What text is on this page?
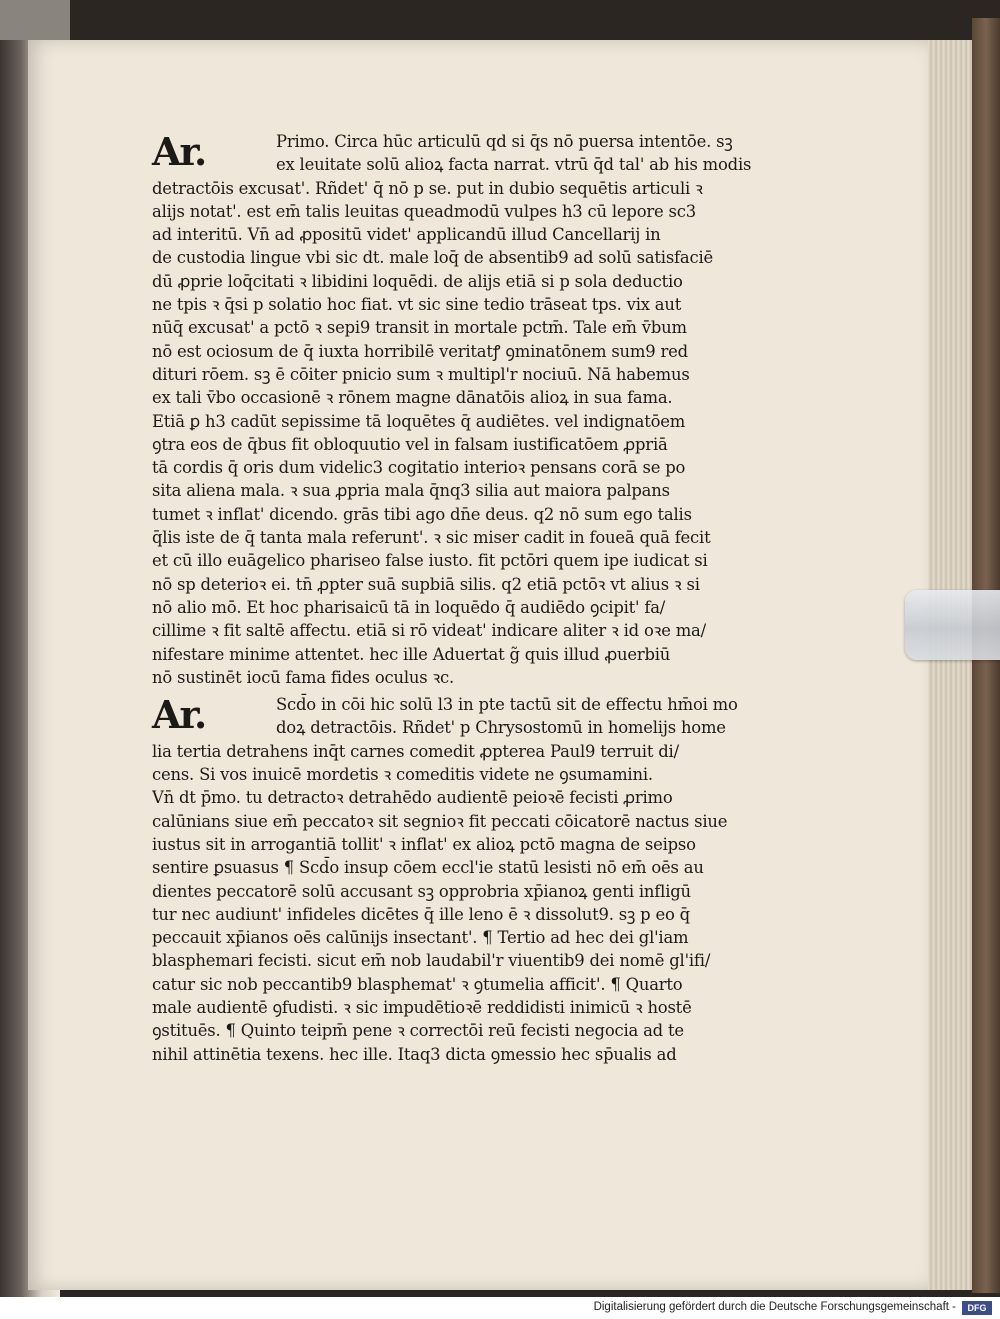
Ar.	Primo. Circa hūc articulū qd si q̄s nō puersa intentōe. sꝫ
ex leuitate solū alioꝝ facta narrat. vtrū q̄d tal' ab his modis
detractōis excusat'. Rñdet' q̄ nō p se. put in dubio sequētis articuli ꝛ
alijs notat'. est em̄ talis leuitas queadmodū vulpes h3 cū lepore sc3
ad interitū. Vn̄ ad ꝓpositū videt' applicandū illud Cancellarij in
de custodia lingue vbi sic dt. male loq̄ de absentib9 ad solū satisfaciē
dū ꝓprie loq̄citati ꝛ libidini loquēdi. de alijs etiā si p sola deductio
ne tpis ꝛ q̄si p solatio hoc fiat. vt sic sine tedio trāseat tps. vix aut
nūq̄ excusat' a pctō ꝛ sepi9 transit in mortale pctm̄. Tale em̄ v̄bum
nō est ociosum de q̄ iuxta horribilē veritatꝭ ꝯminatōnem sum9 red
dituri rōem. sꝫ ē cōiter pnicio sum ꝛ multipl'r nociuū. Nā habemus
ex tali v̄bo occasionē ꝛ rōnem magne dānatōis alioꝝ in sua fama.
Etiā ꝑ h3 cadūt sepissime tā loquētes q̄ audiētes. vel indignatōem
ꝯtra eos de q̄bus fit obloquutio vel in falsam iustificatōem ꝓpriā
tā cordis q̄ oris dum videlic3 cogitatio interioꝛ pensans corā se po
sita aliena mala. ꝛ sua ꝓpria mala q̄nq3 silia aut maiora palpans
tumet ꝛ inflat' dicendo. grās tibi ago dn̄e deus. q2 nō sum ego talis
q̄lis iste de q̄ tanta mala referunt'. ꝛ sic miser cadit in foueā quā fecit
et cū illo euāgelico phariseo false iusto. fit pctōri quem ipe iudicat si
nō sp deterioꝛ ei. tn̄ ꝓpter suā supbiā silis. q2 etiā pctōꝛ vt alius ꝛ si
nō alio mō. Et hoc pharisaicū tā in loquēdo q̄ audiēdo ꝯcipit' fa/
cillime ꝛ fit saltē affectu. etiā si rō videat' indicare aliter ꝛ id oꝛe ma/
nifestare minime attentet. hec ille Aduertat g̃ quis illud ꝓuerbiū
nō sustinēt iocū fama fides oculus ꝛc.
Ar.	Scd̄o in cōi hic solū l3 in pte tactū sit de effectu hm̄oi mo
doꝝ detractōis. Rñdet' p Chrysostomū in homelijs home
lia tertia detrahens inq̄t carnes comedit ꝓpterea Paul9 terruit di/
cens. Si vos inuicē mordetis ꝛ comeditis videte ne ꝯsumamini.
Vn̄ dt p̄mo. tu detractoꝛ detrahēdo audientē peioꝛē fecisti ꝓrimo
calūnians siue em̄ peccatoꝛ sit segnioꝛ fit peccati cōicatorē nactus siue
iustus sit in arrogantiā tollit' ꝛ inflat' ex alioꝝ pctō magna de seipso
sentire ꝑsuasus ¶ Scd̄o insup cōem eccl'ie statū lesisti nō em̄ oēs au
dientes peccatorē solū accusant sꝫ opprobria xp̄ianoꝝ genti infligū
tur nec audiunt' infideles dicētes q̄ ille leno ē ꝛ dissolut9. sꝫ p eo q̄
peccauit xp̄ianos oēs calūnijs insectant'. ¶ Tertio ad hec dei gl'iam
blasphemari fecisti. sicut em̄ nob laudabil'r viuentib9 dei nomē gl'ifi/
catur sic nob peccantib9 blasphemat' ꝛ ꝯtumelia afficit'. ¶ Quarto
male audientē ꝯfudisti. ꝛ sic impudētioꝛē reddidisti inimicū ꝛ hostē
ꝯstituēs. ¶ Quinto teipm̄ pene ꝛ correctōi reū fecisti negocia ad te
nihil attinētia texens. hec ille. Itaq3 dicta ꝯmessio hec sp̄ualis ad
Digitalisierung gefördert durch die Deutsche Forschungsgemeinschaft -	DFG
